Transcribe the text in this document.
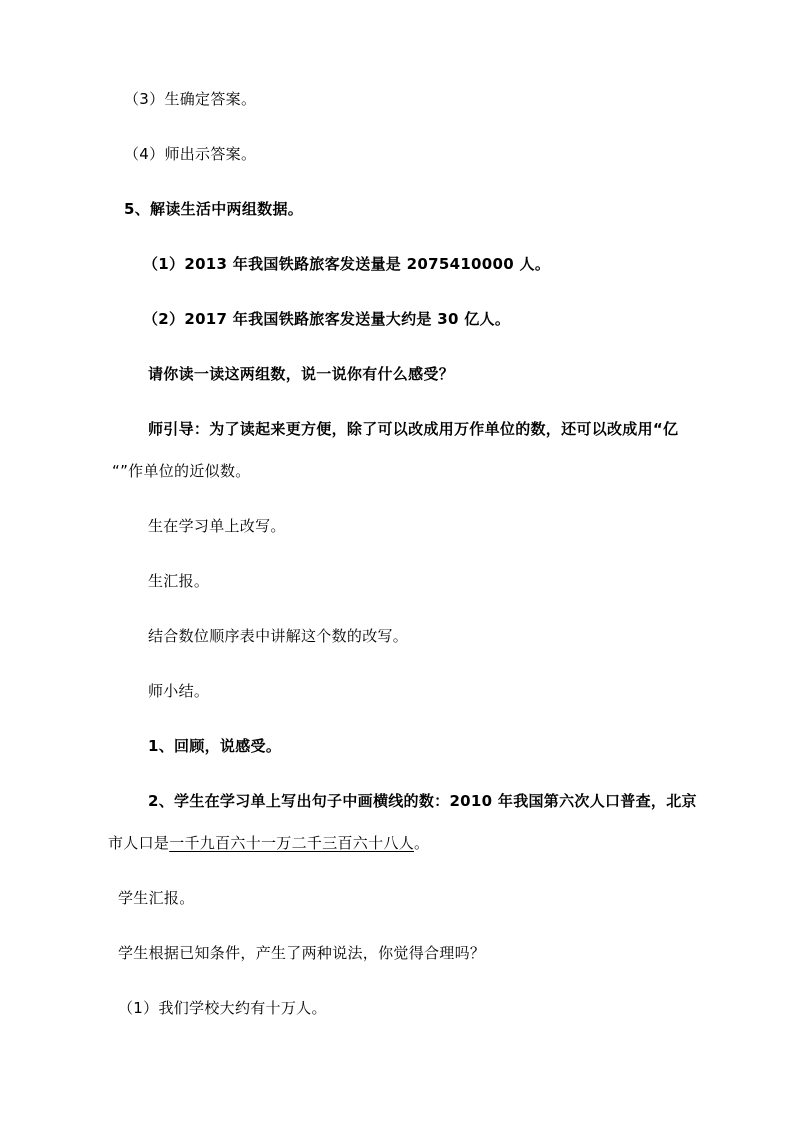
（3）生确定答案。
（4）师出示答案。
5、解读生活中两组数据。
（1）2013 年我国铁路旅客发送量是 2075410000 人。
（2）2017 年我国铁路旅客发送量大约是 30 亿人。
请你读一读这两组数，说一说你有什么感受？
师引导：为了读起来更方便，除了可以改成用万作单位的数，还可以改成用“亿
“”作单位的近似数。
生在学习单上改写。
生汇报。
结合数位顺序表中讲解这个数的改写。
师小结。
1、回顾，说感受。
2、学生在学习单上写出句子中画横线的数：2010 年我国第六次人口普查，北京
市人口是一千九百六十一万二千三百六十八人。
学生汇报。
学生根据已知条件，产生了两种说法，你觉得合理吗？
（1）我们学校大约有十万人。
